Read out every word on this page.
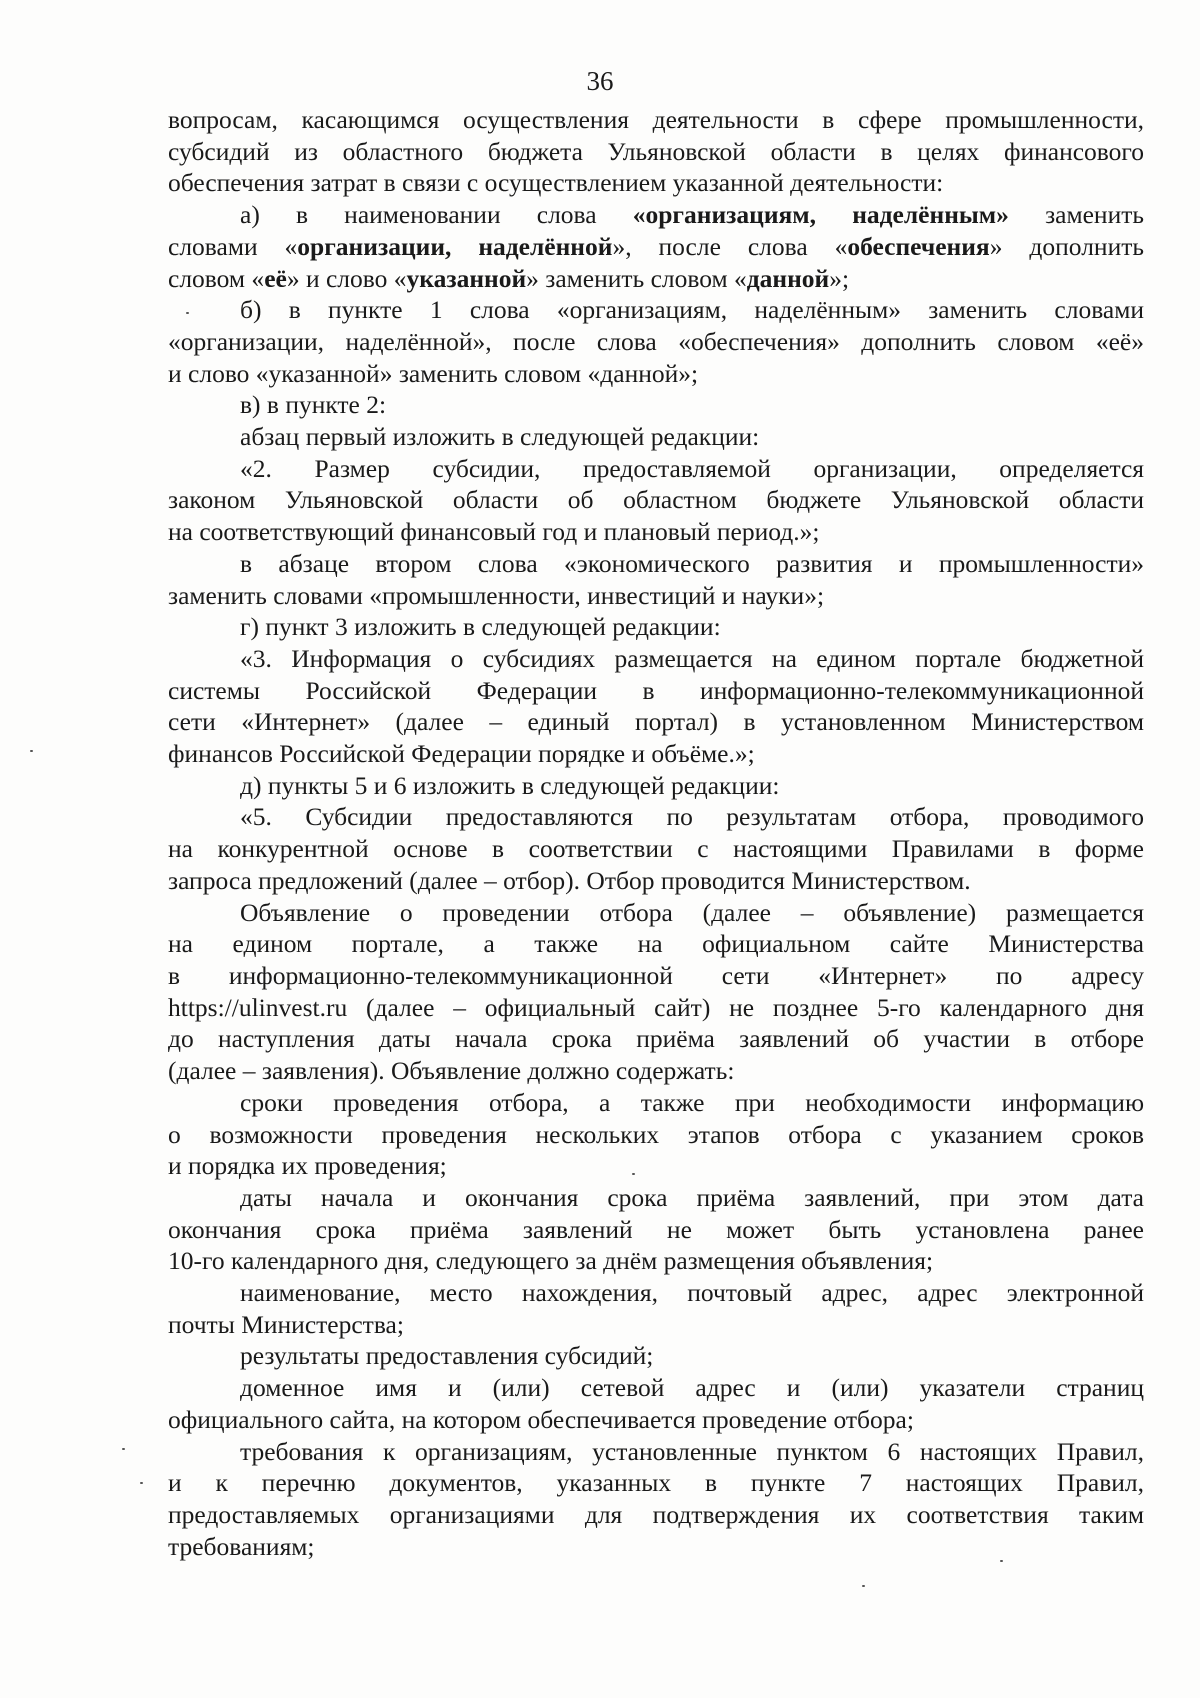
36

вопросам, касающимся осуществления деятельности в сфере промышленности,

субсидий из областного бюджета Ульяновской области в целях финансового

обеспечения затрат в связи с осуществлением указанной деятельности:

а) в наименовании слова «организациям, наделённым» заменить

словами «организации, наделённой», после слова «обеспечения» дополнить

словом «её» и слово «указанной» заменить словом «данной»;

б) в пункте 1 слова «организациям, наделённым» заменить словами

«организации, наделённой», после слова «обеспечения» дополнить словом «её»

и слово «указанной» заменить словом «данной»;

в) в пункте 2:

абзац первый изложить в следующей редакции:

«2. Размер субсидии, предоставляемой организации, определяется

законом Ульяновской области об областном бюджете Ульяновской области

на соответствующий финансовый год и плановый период.»;

в абзаце втором слова «экономического развития и промышленности»

заменить словами «промышленности, инвестиций и науки»;

г) пункт 3 изложить в следующей редакции:

«3. Информация о субсидиях размещается на едином портале бюджетной

системы Российской Федерации в информационно-телекоммуникационной

сети «Интернет» (далее – единый портал) в установленном Министерством

финансов Российской Федерации порядке и объёме.»;

д) пункты 5 и 6 изложить в следующей редакции:

«5. Субсидии предоставляются по результатам отбора, проводимого

на конкурентной основе в соответствии с настоящими Правилами в форме

запроса предложений (далее – отбор). Отбор проводится Министерством.

Объявление о проведении отбора (далее – объявление) размещается

на едином портале, а также на официальном сайте Министерства

в информационно-телекоммуникационной сети «Интернет» по адресу

https://ulinvest.ru (далее – официальный сайт) не позднее 5-го календарного дня

до наступления даты начала срока приёма заявлений об участии в отборе

(далее – заявления). Объявление должно содержать:

сроки проведения отбора, а также при необходимости информацию

о возможности проведения нескольких этапов отбора с указанием сроков

и порядка их проведения;

даты начала и окончания срока приёма заявлений, при этом дата

окончания срока приёма заявлений не может быть установлена ранее

10-го календарного дня, следующего за днём размещения объявления;

наименование, место нахождения, почтовый адрес, адрес электронной

почты Министерства;

результаты предоставления субсидий;

доменное имя и (или) сетевой адрес и (или) указатели страниц

официального сайта, на котором обеспечивается проведение отбора;

требования к организациям, установленные пунктом 6 настоящих Правил,

и к перечню документов, указанных в пункте 7 настоящих Правил,

предоставляемых организациями для подтверждения их соответствия таким

требованиям;
